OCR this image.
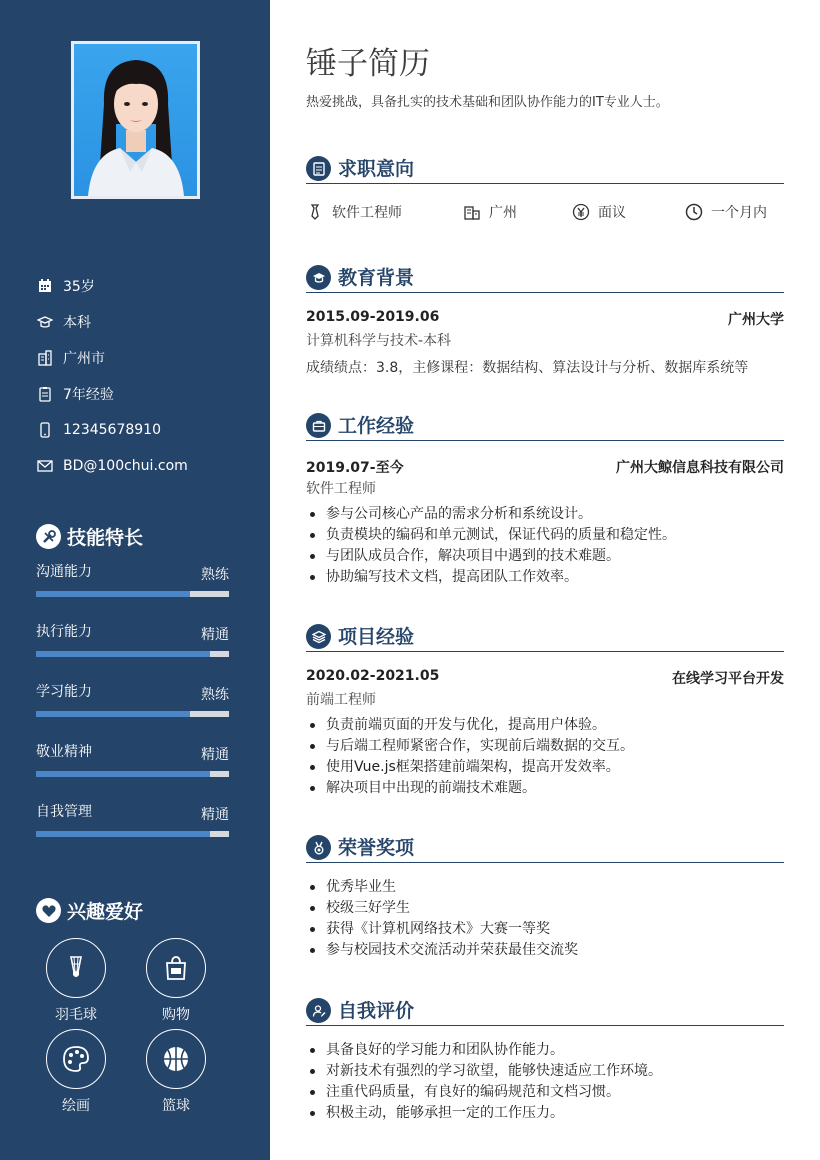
35岁
本科
广州市
7年经验
12345678910
BD@100chui.com
技能特长
沟通能力	熟练
执行能力	精通
学习能力	熟练
敬业精神	精通
自我管理	精通
兴趣爱好
羽毛球	购物
绘画	篮球
锤子简历
热爱挑战，具备扎实的技术基础和团队协作能力的IT专业人士。
求职意向
软件工程师	广州	面议	一个月内
教育背景
2015.09-2019.06	广州大学
计算机科学与技术-本科
成绩绩点：3.8，主修课程：数据结构、算法设计与分析、数据库系统等
工作经验
2019.07-至今	广州大鲸信息科技有限公司
软件工程师
参与公司核心产品的需求分析和系统设计。
负责模块的编码和单元测试，保证代码的质量和稳定性。
与团队成员合作，解决项目中遇到的技术难题。
协助编写技术文档，提高团队工作效率。
项目经验
2020.02-2021.05	在线学习平台开发
前端工程师
负责前端页面的开发与优化，提高用户体验。
与后端工程师紧密合作，实现前后端数据的交互。
使用Vue.js框架搭建前端架构，提高开发效率。
解决项目中出现的前端技术难题。
荣誉奖项
优秀毕业生
校级三好学生
获得《计算机网络技术》大赛一等奖
参与校园技术交流活动并荣获最佳交流奖
自我评价
具备良好的学习能力和团队协作能力。
对新技术有强烈的学习欲望，能够快速适应工作环境。
注重代码质量，有良好的编码规范和文档习惯。
积极主动，能够承担一定的工作压力。
